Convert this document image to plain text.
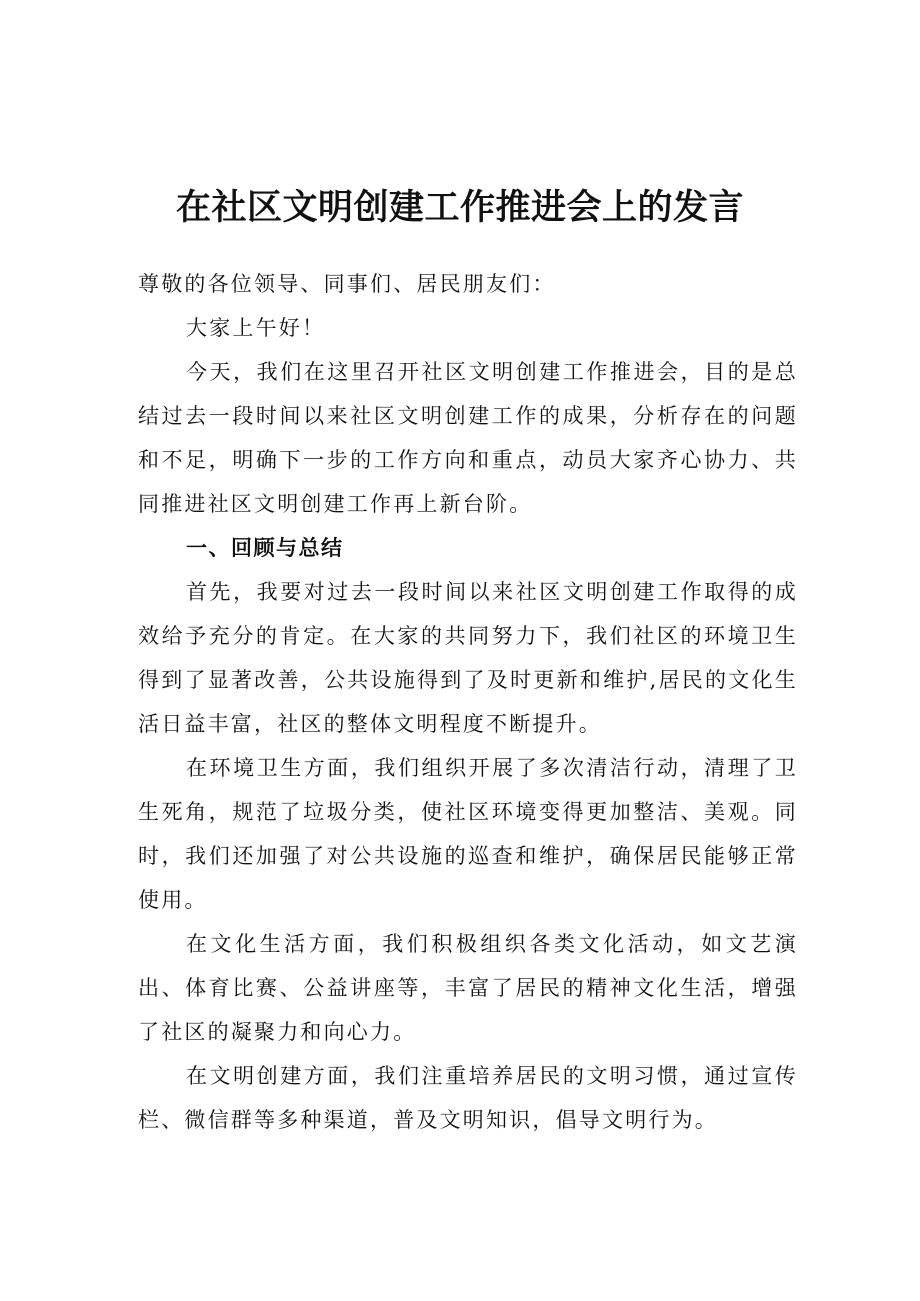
在社区文明创建工作推进会上的发言

尊敬的各位领导、同事们、居民朋友们：

大家上午好！

今天，我们在这里召开社区文明创建工作推进会，目的是总结过去一段时间以来社区文明创建工作的成果，分析存在的问题和不足，明确下一步的工作方向和重点，动员大家齐心协力、共同推进社区文明创建工作再上新台阶。

一、回顾与总结

首先，我要对过去一段时间以来社区文明创建工作取得的成效给予充分的肯定。在大家的共同努力下，我们社区的环境卫生得到了显著改善，公共设施得到了及时更新和维护,居民的文化生活日益丰富，社区的整体文明程度不断提升。

在环境卫生方面，我们组织开展了多次清洁行动，清理了卫生死角，规范了垃圾分类，使社区环境变得更加整洁、美观。同时，我们还加强了对公共设施的巡查和维护，确保居民能够正常使用。

在文化生活方面，我们积极组织各类文化活动，如文艺演出、体育比赛、公益讲座等，丰富了居民的精神文化生活，增强了社区的凝聚力和向心力。

在文明创建方面，我们注重培养居民的文明习惯，通过宣传栏、微信群等多种渠道，普及文明知识，倡导文明行为。
